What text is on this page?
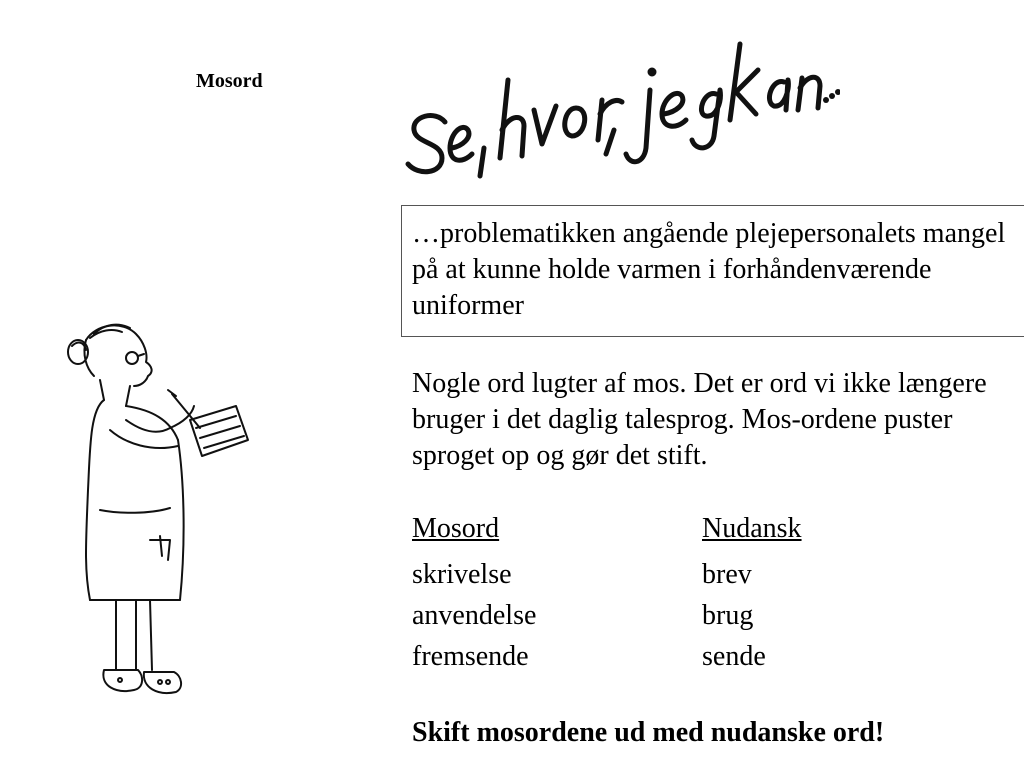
Mosord
…problematikken angående plejepersonalets mangel på at kunne holde varmen i forhåndenværende uniformer
Nogle ord lugter af mos. Det er ord vi ikke længere bruger i det daglig talesprog. Mos-ordene puster sproget op og gør det stift.
Mosord	Nudansk
skrivelse	brev
anvendelse	brug
fremsende	sende
Skift mosordene ud med nudanske ord!
